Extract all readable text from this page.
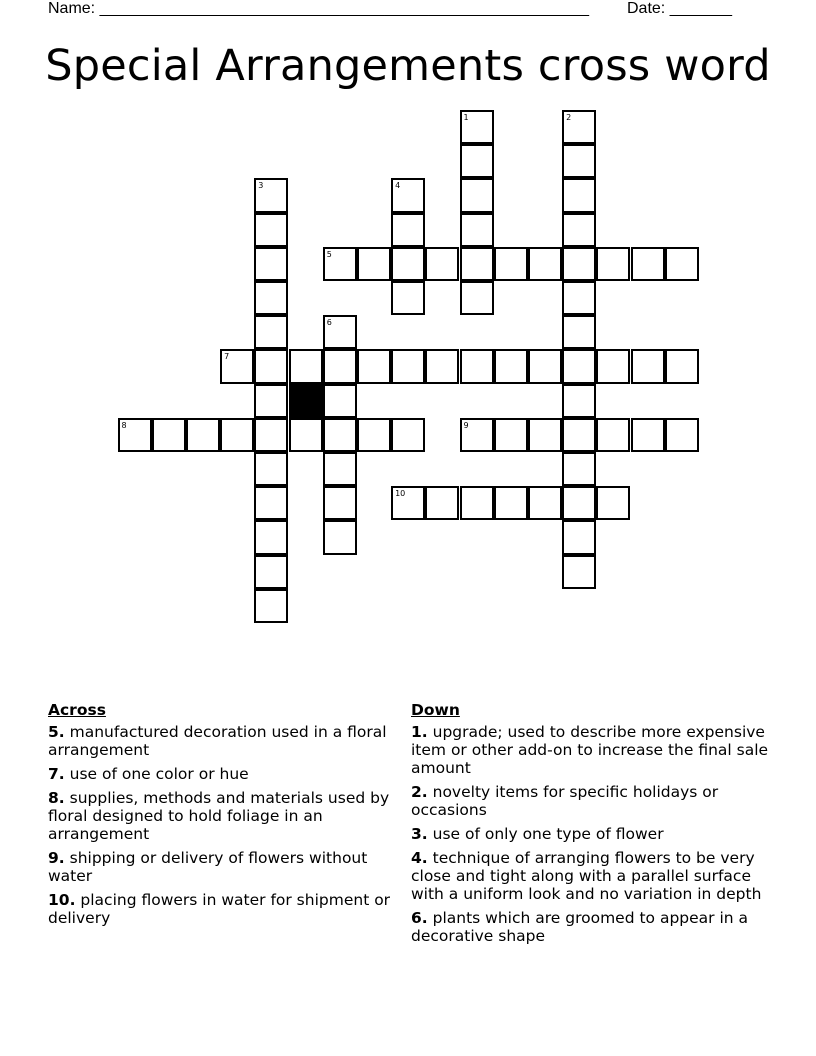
Name: _______________________________________________________ Date: _______
Special Arrangements cross word
1	2
3	4
5
6
7
8	9
10
Across
5. manufactured decoration used in a floral arrangement
7. use of one color or hue
8. supplies, methods and materials used by floral designed to hold foliage in an arrangement
9. shipping or delivery of flowers without water
10. placing flowers in water for shipment or delivery
Down
1. upgrade; used to describe more expensive item or other add-on to increase the final sale amount
2. novelty items for specific holidays or occasions
3. use of only one type of flower
4. technique of arranging flowers to be very close and tight along with a parallel surface with a uniform look and no variation in depth
6. plants which are groomed to appear in a decorative shape
